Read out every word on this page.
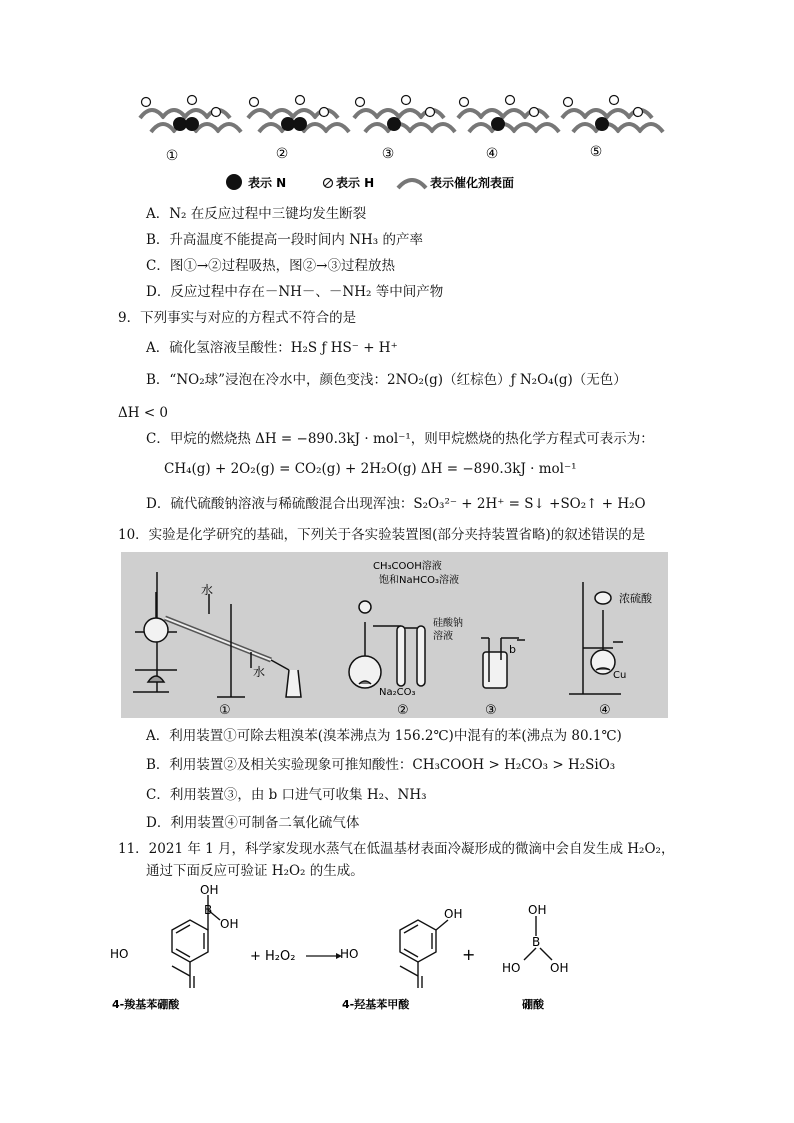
①	②	③	④	⑤
表示 N	表示 H	表示催化剂表面
A．N₂ 在反应过程中三键均发生断裂
B．升高温度不能提高一段时间内 NH₃ 的产率
C．图①→②过程吸热，图②→③过程放热
D．反应过程中存在－NH－、－NH₂ 等中间产物
9．下列事实与对应的方程式不符合的是
A．硫化氢溶液呈酸性：H₂S ƒ HS⁻ + H⁺
B．“NO₂球”浸泡在冷水中，颜色变浅：2NO₂(g)（红棕色）ƒ N₂O₄(g)（无色）
ΔH < 0
C．甲烷的燃烧热 ΔH = −890.3kJ · mol⁻¹，则甲烷燃烧的热化学方程式可表示为：
CH₄(g) + 2O₂(g) = CO₂(g) + 2H₂O(g) ΔH = −890.3kJ · mol⁻¹
D．硫代硫酸钠溶液与稀硫酸混合出现浑浊：S₂O₃²⁻ + 2H⁺ = S↓ +SO₂↑ + H₂O
10．实验是化学研究的基础，下列关于各实验装置图(部分夹持装置省略)的叙述错误的是
水
水
①
CH₃COOH溶液
饱和NaHCO₃溶液
硅酸钠
溶液
Na₂CO₃
②
b
③
浓硫酸
Cu
④
A．利用装置①可除去粗溴苯(溴苯沸点为 156.2℃)中混有的苯(沸点为 80.1℃)
B．利用装置②及相关实验现象可推知酸性：CH₃COOH > H₂CO₃ > H₂SiO₃
C．利用装置③，由 b 口进气可收集 H₂、NH₃
D．利用装置④可制备二氧化硫气体
11．2021 年 1 月，科学家发现水蒸气在低温基材表面冷凝形成的微滴中会自发生成 H₂O₂，
通过下面反应可验证 H₂O₂ 的生成。
OH
B
OH
HO
4-羧基苯硼酸
+ H₂O₂
OH
HO
4-羟基苯甲酸
+
OH
B
HO OH
硼酸
